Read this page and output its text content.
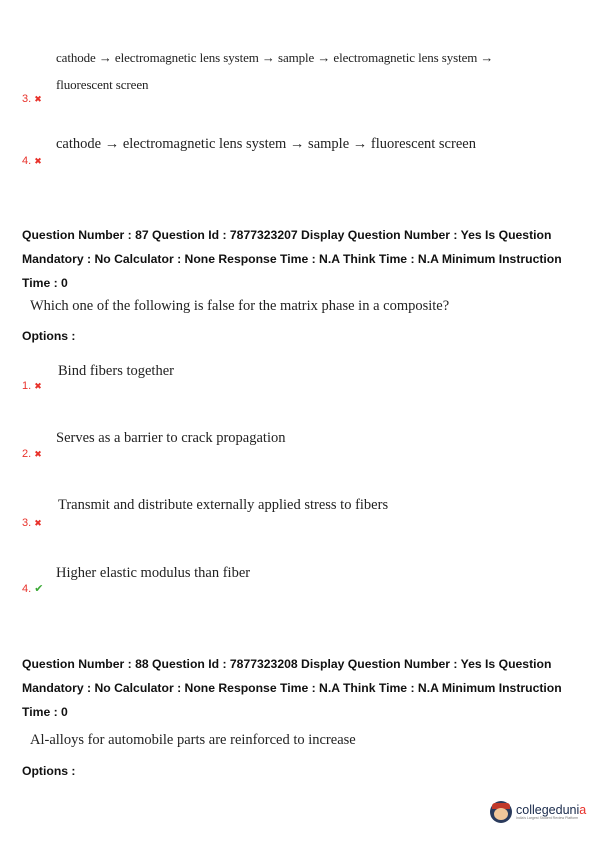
cathode → electromagnetic lens system → sample → electromagnetic lens system →
3. ✖
fluorescent screen
4. ✖
cathode → electromagnetic lens system → sample → fluorescent screen
Question Number : 87 Question Id : 7877323207 Display Question Number : Yes Is Question
Mandatory : No Calculator : None Response Time : N.A Think Time : N.A Minimum Instruction
Time : 0
Which one of the following is false for the matrix phase in a composite?
Options :
Bind fibers together
1. ✖
Serves as a barrier to crack propagation
2. ✖
Transmit and distribute externally applied stress to fibers
3. ✖
Higher elastic modulus than fiber
4. ✔
Question Number : 88 Question Id : 7877323208 Display Question Number : Yes Is Question
Mandatory : No Calculator : None Response Time : N.A Think Time : N.A Minimum Instruction
Time : 0
Al-alloys for automobile parts are reinforced to increase
Options :
collegedunia
India's Largest Student Review Platform
